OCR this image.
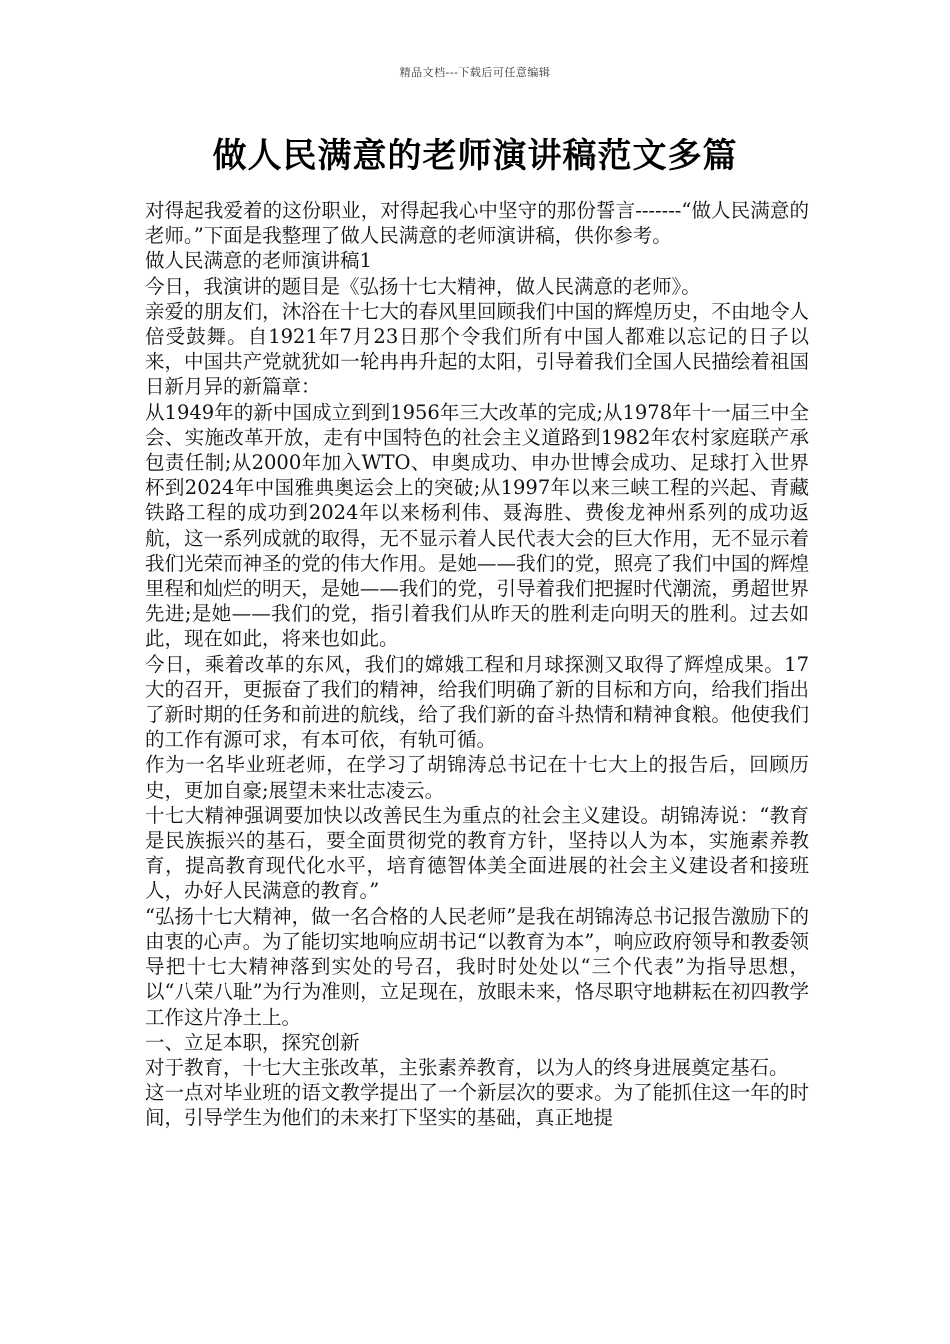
精品文档---下载后可任意编辑
做人民满意的老师演讲稿范文多篇

对得起我爱着的这份职业，对得起我心中坚守的那份誓言-------“做人民满意的老师。”下面是我整理了做人民满意的老师演讲稿，供你参考。

做人民满意的老师演讲稿1

今日，我演讲的题目是《弘扬十七大精神，做人民满意的老师》。

亲爱的朋友们，沐浴在十七大的春风里回顾我们中国的辉煌历史，不由地令人倍受鼓舞。自1921年7月23日那个令我们所有中国人都难以忘记的日子以来，中国共产党就犹如一轮冉冉升起的太阳，引导着我们全国人民描绘着祖国日新月异的新篇章：

从1949年的新中国成立到到1956年三大改革的完成;从1978年十一届三中全会、实施改革开放，走有中国特色的社会主义道路到1982年农村家庭联产承包责任制;从2000年加入WTO、申奥成功、申办世博会成功、足球打入世界杯到2024年中国雅典奥运会上的突破;从1997年以来三峡工程的兴起、青藏铁路工程的成功到2024年以来杨利伟、聂海胜、费俊龙神州系列的成功返航，这一系列成就的取得，无不显示着人民代表大会的巨大作用，无不显示着我们光荣而神圣的党的伟大作用。是她——我们的党，照亮了我们中国的辉煌里程和灿烂的明天，是她——我们的党，引导着我们把握时代潮流，勇超世界先进;是她——我们的党，指引着我们从昨天的胜利走向明天的胜利。过去如此，现在如此，将来也如此。

今日，乘着改革的东风，我们的嫦娥工程和月球探测又取得了辉煌成果。17大的召开，更振奋了我们的精神，给我们明确了新的目标和方向，给我们指出了新时期的任务和前进的航线，给了我们新的奋斗热情和精神食粮。他使我们的工作有源可求，有本可依，有轨可循。

作为一名毕业班老师，在学习了胡锦涛总书记在十七大上的报告后，回顾历史，更加自豪;展望未来壮志凌云。

十七大精神强调要加快以改善民生为重点的社会主义建设。胡锦涛说：“教育是民族振兴的基石，要全面贯彻党的教育方针，坚持以人为本，实施素养教育，提高教育现代化水平，培育德智体美全面进展的社会主义建设者和接班人，办好人民满意的教育。”

“弘扬十七大精神，做一名合格的人民老师”是我在胡锦涛总书记报告激励下的由衷的心声。为了能切实地响应胡书记“以教育为本”，响应政府领导和教委领导把十七大精神落到实处的号召，我时时处处以“三个代表”为指导思想，以“八荣八耻”为行为准则，立足现在，放眼未来，恪尽职守地耕耘在初四教学工作这片净土上。

一、立足本职，探究创新

对于教育，十七大主张改革，主张素养教育，以为人的终身进展奠定基石。

这一点对毕业班的语文教学提出了一个新层次的要求。为了能抓住这一年的时间，引导学生为他们的未来打下坚实的基础，真正地提
